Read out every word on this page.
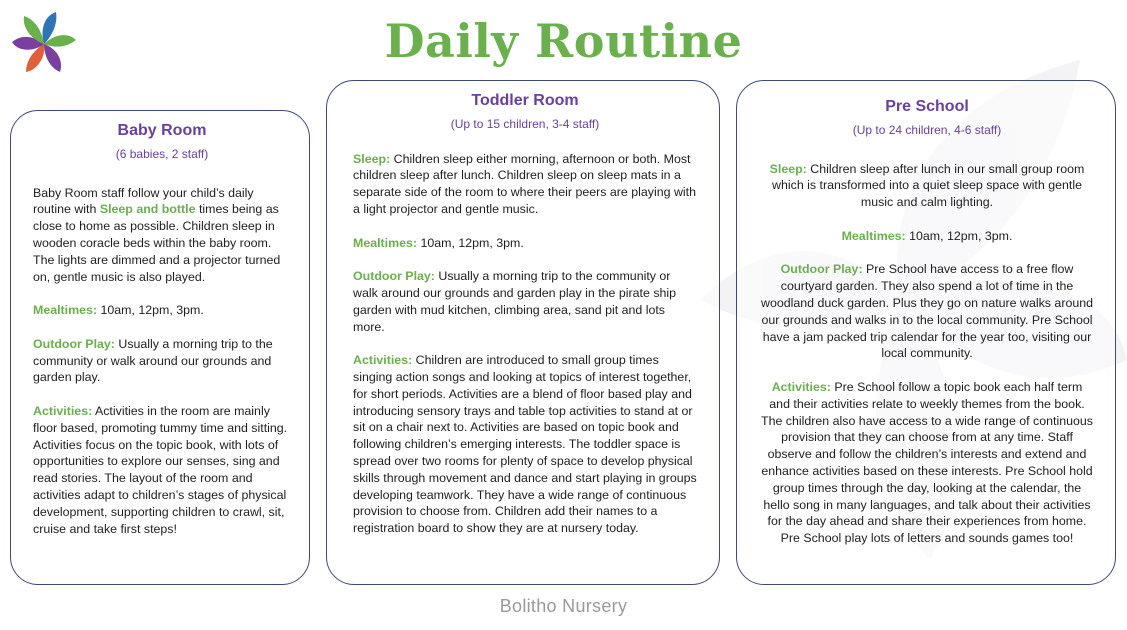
Daily Routine
Baby Room
(6 babies, 2 staff)

Baby Room staff follow your child’s daily routine with Sleep and bottle times being as close to home as possible. Children sleep in wooden coracle beds within the baby room. The lights are dimmed and a projector turned on, gentle music is also played.

Mealtimes: 10am, 12pm, 3pm.

Outdoor Play: Usually a morning trip to the community or walk around our grounds and garden play.

Activities: Activities in the room are mainly floor based, promoting tummy time and sitting. Activities focus on the topic book, with lots of opportunities to explore our senses, sing and read stories. The layout of the room and activities adapt to children’s stages of physical development, supporting children to crawl, sit, cruise and take first steps!

Toddler Room
(Up to 15 children, 3-4 staff)

Sleep: Children sleep either morning, afternoon or both. Most children sleep after lunch. Children sleep on sleep mats in a separate side of the room to where their peers are playing with a light projector and gentle music.

Mealtimes: 10am, 12pm, 3pm.

Outdoor Play: Usually a morning trip to the community or walk around our grounds and garden play in the pirate ship garden with mud kitchen, climbing area, sand pit and lots more.

Activities: Children are introduced to small group times singing action songs and looking at topics of interest together, for short periods. Activities are a blend of floor based play and introducing sensory trays and table top activities to stand at or sit on a chair next to. Activities are based on topic book and following children’s emerging interests. The toddler space is spread over two rooms for plenty of space to develop physical skills through movement and dance and start playing in groups developing teamwork. They have a wide range of continuous provision to choose from. Children add their names to a registration board to show they are at nursery today.

Pre School
(Up to 24 children, 4-6 staff)

Sleep: Children sleep after lunch in our small group room which is transformed into a quiet sleep space with gentle music and calm lighting.

Mealtimes: 10am, 12pm, 3pm.

Outdoor Play: Pre School have access to a free flow courtyard garden. They also spend a lot of time in the woodland duck garden. Plus they go on nature walks around our grounds and walks in to the local community. Pre School have a jam packed trip calendar for the year too, visiting our local community.

Activities: Pre School follow a topic book each half term and their activities relate to weekly themes from the book. The children also have access to a wide range of continuous provision that they can choose from at any time. Staff observe and follow the children’s interests and extend and enhance activities based on these interests. Pre School hold group times through the day, looking at the calendar, the hello song in many languages, and talk about their activities for the day ahead and share their experiences from home. Pre School play lots of letters and sounds games too!

Bolitho Nursery
